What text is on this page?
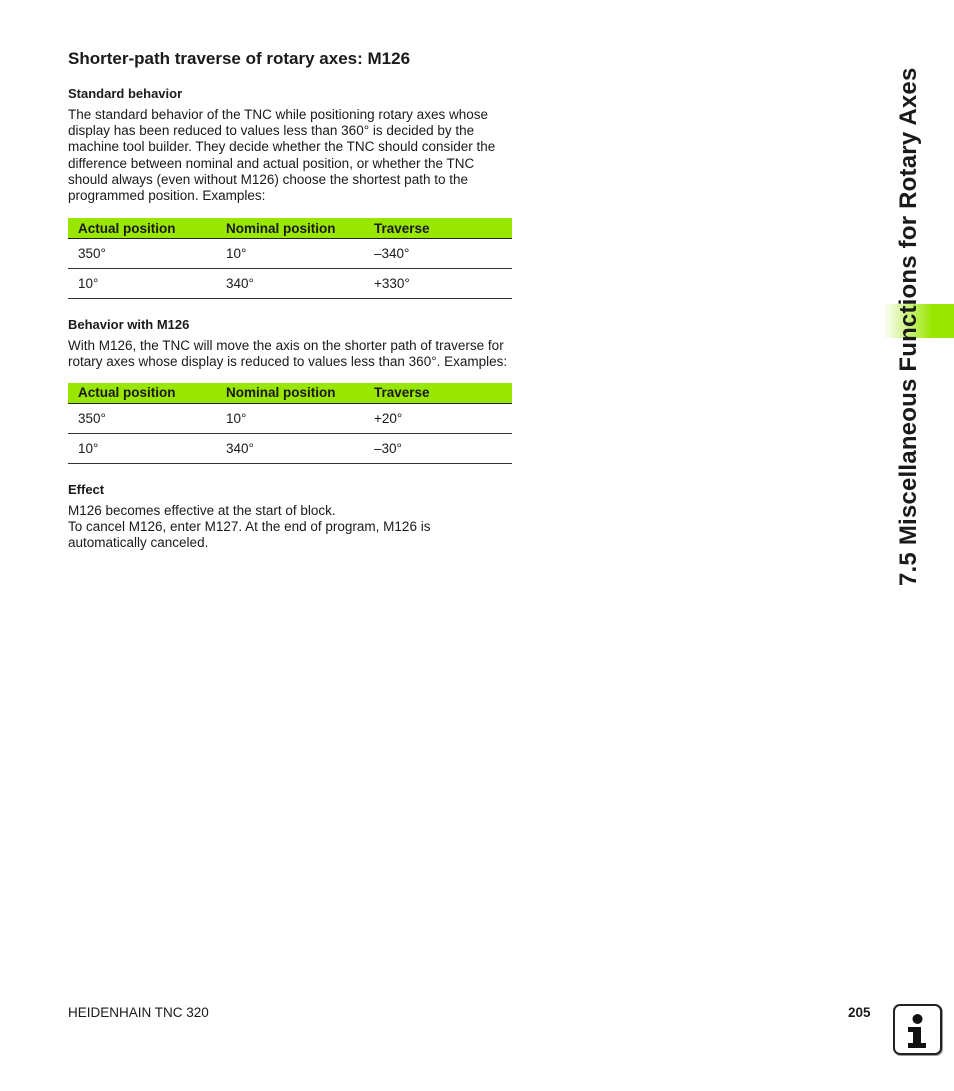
Shorter-path traverse of rotary axes: M126
Standard behavior

The standard behavior of the TNC while positioning rotary axes whose display has been reduced to values less than 360° is decided by the machine tool builder. They decide whether the TNC should consider the difference between nominal and actual position, or whether the TNC should always (even without M126) choose the shortest path to the programmed position. Examples:

Actual position	Nominal position	Traverse
350°	10°	–340°
10°	340°	+330°
Behavior with M126

With M126, the TNC will move the axis on the shorter path of traverse for rotary axes whose display is reduced to values less than 360°. Examples:

Actual position	Nominal position	Traverse
350°	10°	+20°
10°	340°	–30°
Effect

M126 becomes effective at the start of block.

To cancel M126, enter M127. At the end of program, M126 is automatically canceled.	7.5 Miscellaneous Functions for Rotary Axes
HEIDENHAIN TNC 320	205
